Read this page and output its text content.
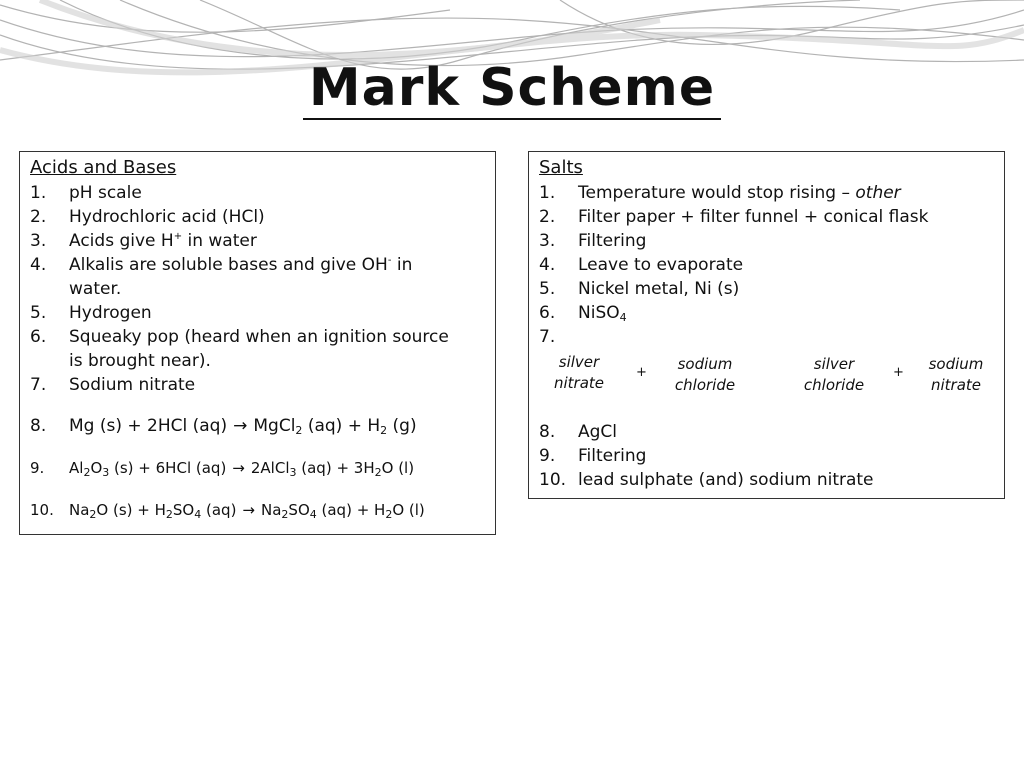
Mark Scheme
Acids and Bases
1. pH scale
2. Hydrochloric acid (HCl)
3. Acids give H+ in water
4. Alkalis are soluble bases and give OH- in
water.
5. Hydrogen
6. Squeaky pop (heard when an ignition source
is brought near).
7. Sodium nitrate
8. Mg (s) + 2HCl (aq) → MgCl$_2$ $(aq) + H_2$ (g)
9. $Al_2O_3$ (s) + 6HCl (aq) → 2AlCl$_3$ $(aq) + 3H_2O$ (l)
10. $Na_2O$ $(s) + H_2SO_4$ $(aq) \to Na_2SO_4$ $(aq) + H_2O$ (l)
Salts
1. Temperature would stop rising – other
2. Filter paper + filter funnel + conical flask
3. Filtering
4. Leave to evaporate
5. Nickel metal, Ni (s)
6. NiSO$_4$
7.
silver
nitrate
+	sodium
chloride
silver
chloride
+	sodium
nitrate
8. AgCl
9. Filtering
10. lead sulphate (and) sodium nitrate
